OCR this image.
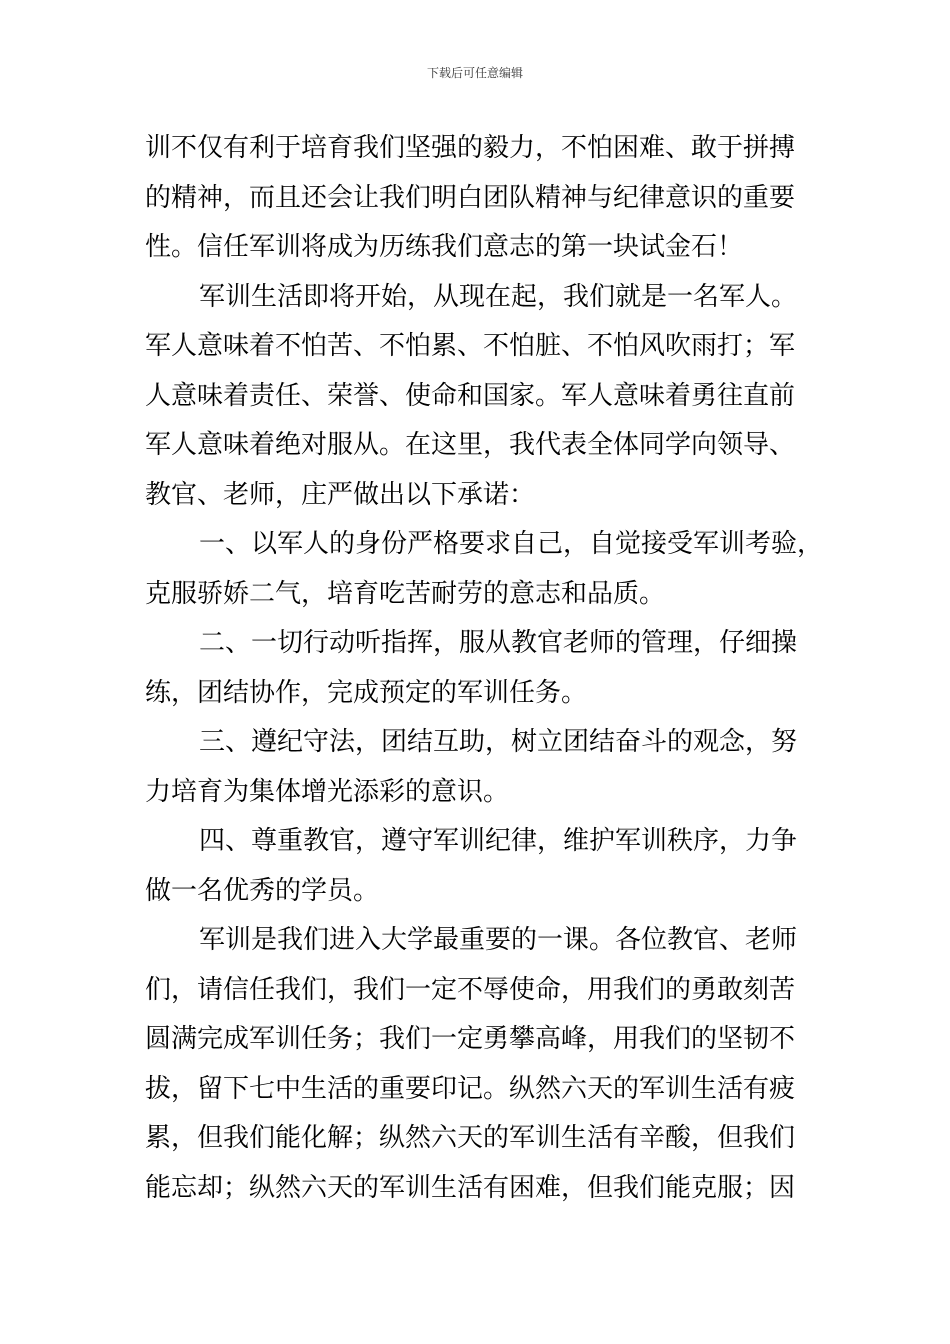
下载后可任意编辑
训不仅有利于培育我们坚强的毅力，不怕困难、敢于拼搏
的精神，而且还会让我们明白团队精神与纪律意识的重要
性。信任军训将成为历练我们意志的第一块试金石！
军训生活即将开始，从现在起，我们就是一名军人。
军人意味着不怕苦、不怕累、不怕脏、不怕风吹雨打；军
人意味着责任、荣誉、使命和国家。军人意味着勇往直前
军人意味着绝对服从。在这里，我代表全体同学向领导、
教官、老师，庄严做出以下承诺：
一、以军人的身份严格要求自己，自觉接受军训考验，
克服骄娇二气，培育吃苦耐劳的意志和品质。
二、一切行动听指挥，服从教官老师的管理，仔细操
练，团结协作，完成预定的军训任务。
三、遵纪守法，团结互助，树立团结奋斗的观念，努
力培育为集体增光添彩的意识。
四、尊重教官，遵守军训纪律，维护军训秩序，力争
做一名优秀的学员。
军训是我们进入大学最重要的一课。各位教官、老师
们，请信任我们，我们一定不辱使命，用我们的勇敢刻苦
圆满完成军训任务；我们一定勇攀高峰，用我们的坚韧不
拔，留下七中生活的重要印记。纵然六天的军训生活有疲
累，但我们能化解；纵然六天的军训生活有辛酸，但我们
能忘却；纵然六天的军训生活有困难，但我们能克服；因
